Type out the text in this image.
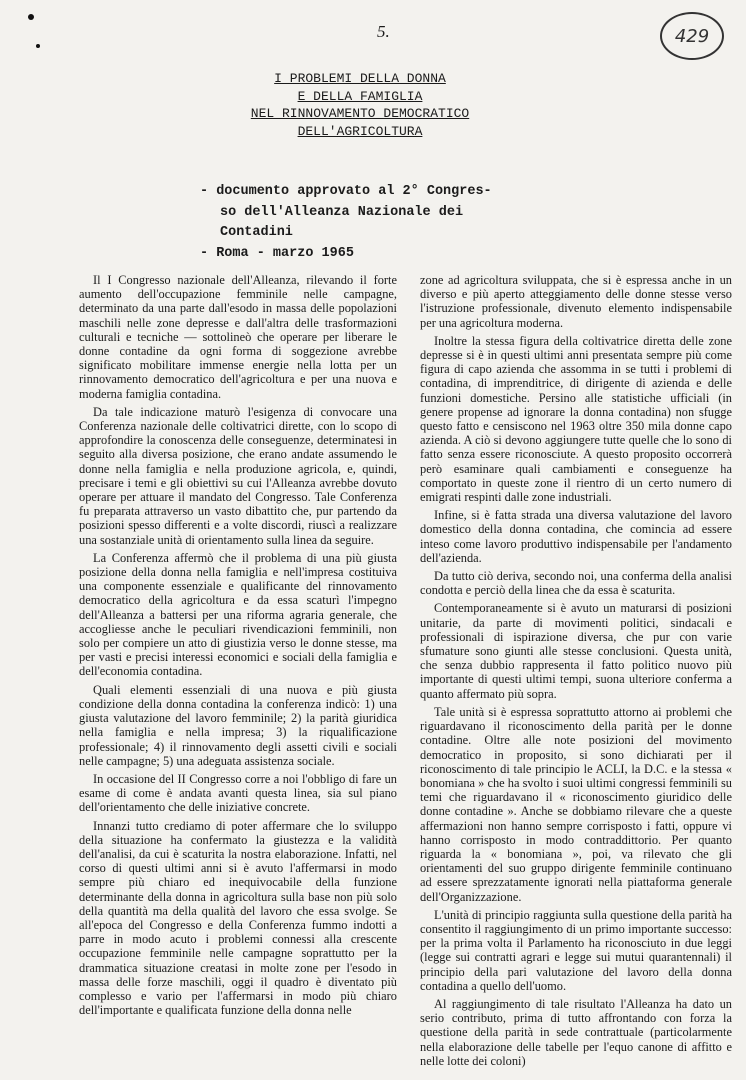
5.	429
I PROBLEMI DELLA DONNA
E DELLA FAMIGLIA
NEL RINNOVAMENTO DEMOCRATICO
DELL'AGRICOLTURA
- documento approvato al 2° Congres-
so dell'Alleanza Nazionale dei
Contadini
- Roma - marzo 1965

Il I Congresso nazionale dell'Alleanza, rilevando il forte aumento dell'occupazione femminile nelle campagne, determinato da una parte dall'esodo in massa delle popolazioni maschili nelle zone depresse e dall'altra delle trasformazioni culturali e tecniche — sottolineò che operare per liberare le donne contadine da ogni forma di soggezione avrebbe significato mobilitare immense energie nella lotta per un rinnovamento democratico dell'agricoltura e per una nuova e moderna famiglia contadina.

Da tale indicazione maturò l'esigenza di convocare una Conferenza nazionale delle coltivatrici dirette, con lo scopo di approfondire la conoscenza delle conseguenze, determinatesi in seguito alla diversa posizione, che erano andate assumendo le donne nella famiglia e nella produzione agricola, e, quindi, precisare i temi e gli obiettivi su cui l'Alleanza avrebbe dovuto operare per attuare il mandato del Congresso. Tale Conferenza fu preparata attraverso un vasto dibattito che, pur partendo da posizioni spesso differenti e a volte discordi, riuscì a realizzare una sostanziale unità di orientamento sulla linea da seguire.

La Conferenza affermò che il problema di una più giusta posizione della donna nella famiglia e nell'impresa costituiva una componente essenziale e qualificante del rinnovamento democratico della agricoltura e da essa scaturì l'impegno dell'Alleanza a battersi per una riforma agraria generale, che accogliesse anche le peculiari rivendicazioni femminili, non solo per compiere un atto di giustizia verso le donne stesse, ma per vasti e precisi interessi economici e sociali della famiglia e dell'economia contadina.

Quali elementi essenziali di una nuova e più giusta condizione della donna contadina la conferenza indicò: 1) una giusta valutazione del lavoro femminile; 2) la parità giuridica nella famiglia e nella impresa; 3) la riqualificazione professionale; 4) il rinnovamento degli assetti civili e sociali nelle campagne; 5) una adeguata assistenza sociale.

In occasione del II Congresso corre a noi l'obbligo di fare un esame di come è andata avanti questa linea, sia sul piano dell'orientamento che delle iniziative concrete.

Innanzi tutto crediamo di poter affermare che lo sviluppo della situazione ha confermato la giustezza e la validità dell'analisi, da cui è scaturita la nostra elaborazione. Infatti, nel corso di questi ultimi anni si è avuto l'affermarsi in modo sempre più chiaro ed inequivocabile della funzione determinante della donna in agricoltura sulla base non più solo della quantità ma della qualità del lavoro che essa svolge. Se all'epoca del Congresso e della Conferenza fummo indotti a parre in modo acuto i problemi connessi alla crescente occupazione femminile nelle campagne soprattutto per la drammatica situazione creatasi in molte zone per l'esodo in massa delle forze maschili, oggi il quadro è diventato più complesso e vario per l'affermarsi in modo più chiaro dell'importante e qualificata funzione della donna nelle

zone ad agricoltura sviluppata, che si è espressa anche in un diverso e più aperto atteggiamento delle donne stesse verso l'istruzione professionale, divenuto elemento indispensabile per una agricoltura moderna.

Inoltre la stessa figura della coltivatrice diretta delle zone depresse si è in questi ultimi anni presentata sempre più come figura di capo azienda che assomma in se tutti i problemi di contadina, di imprenditrice, di dirigente di azienda e delle funzioni domestiche. Persino alle statistiche ufficiali (in genere propense ad ignorare la donna contadina) non sfugge questo fatto e censiscono nel 1963 oltre 350 mila donne capo azienda. A ciò si devono aggiungere tutte quelle che lo sono di fatto senza essere riconosciute. A questo proposito occorrerà però esaminare quali cambiamenti e conseguenze ha comportato in queste zone il rientro di un certo numero di emigrati respinti dalle zone industriali.

Infine, si è fatta strada una diversa valutazione del lavoro domestico della donna contadina, che comincia ad essere inteso come lavoro produttivo indispensabile per l'andamento dell'azienda.

Da tutto ciò deriva, secondo noi, una conferma della analisi condotta e perciò della linea che da essa è scaturita.

Contemporaneamente si è avuto un maturarsi di posizioni unitarie, da parte di movimenti politici, sindacali e professionali di ispirazione diversa, che pur con varie sfumature sono giunti alle stesse conclusioni. Questa unità, che senza dubbio rappresenta il fatto politico nuovo più importante di questi ultimi tempi, suona ulteriore conferma a quanto affermato più sopra.

Tale unità si è espressa soprattutto attorno ai problemi che riguardavano il riconoscimento della parità per le donne contadine. Oltre alle note posizioni del movimento democratico in proposito, si sono dichiarati per il riconoscimento di tale principio le ACLI, la D.C. e la stessa « bonomiana » che ha svolto i suoi ultimi congressi femminili su temi che riguardavano il « riconoscimento giuridico delle donne contadine ». Anche se dobbiamo rilevare che a queste affermazioni non hanno sempre corrisposto i fatti, oppure vi hanno corrisposto in modo contraddittorio. Per quanto riguarda la « bonomiana », poi, va rilevato che gli orientamenti del suo gruppo dirigente femminile continuano ad essere sprezzatamente ignorati nella piattaforma generale dell'Organizzazione.

L'unità di principio raggiunta sulla questione della parità ha consentito il raggiungimento di un primo importante successo: per la prima volta il Parlamento ha riconosciuto in due leggi (legge sui contratti agrari e legge sui mutui quarantennali) il principio della pari valutazione del lavoro della donna contadina a quello dell'uomo.

Al raggiungimento di tale risultato l'Alleanza ha dato un serio contributo, prima di tutto affrontando con forza la questione della parità in sede contrattuale (particolarmente nella elaborazione delle tabelle per l'equo canone di affitto e nelle lotte dei coloni)
